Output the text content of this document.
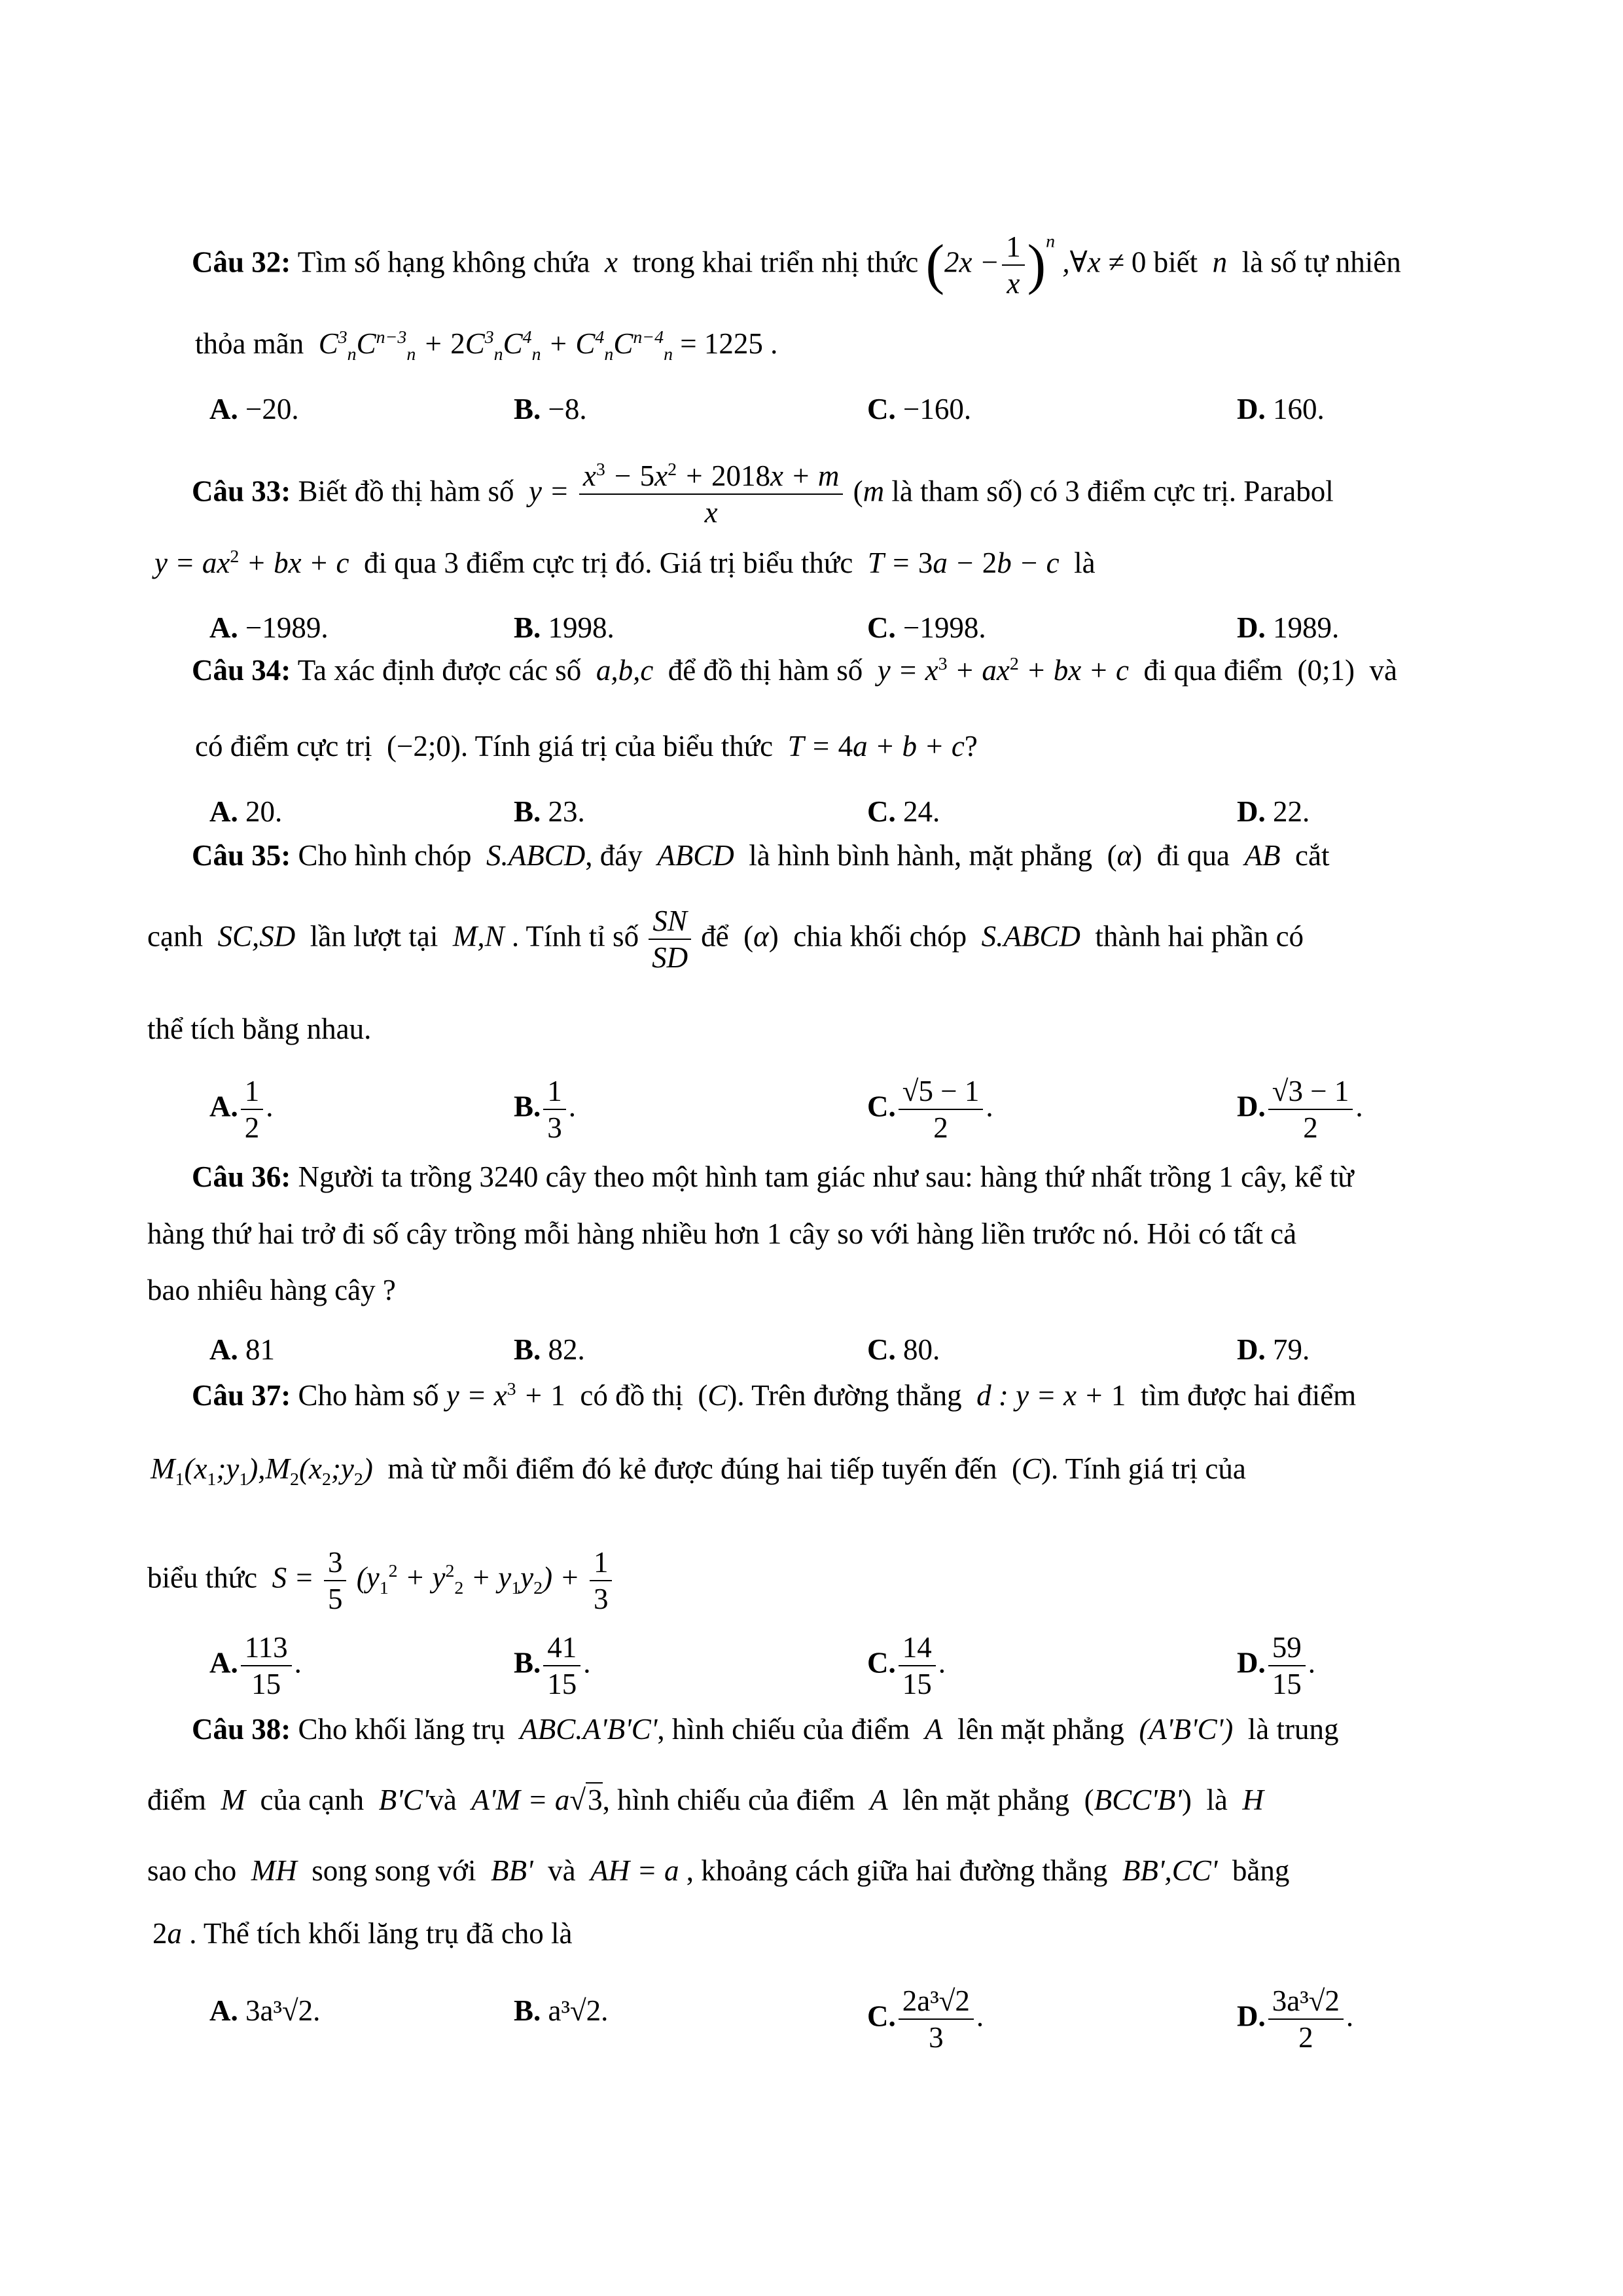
Câu 32: Tìm số hạng không chứa  x  trong khai triển nhị thức $(2x - \frac{1}{x} )^n$ ,∀x ≠ 0 biết  n  là số tự nhiên
thỏa mãn  $C^3_nC^{n-3}_n + 2C^3_nC^4_n + C^4_nC^{n-4}_n = 1225$ .
A. −20.	B. −8.	C. −160.	D. 160.
Câu 33: Biết đồ thị hàm số  $y = \frac{x^3 - 5x^2 + 2018x + m}{x} (m$ là tham số) có 3 điểm cực trị. Parabol
$y = ax^2$ + bx + c  đi qua 3 điểm cực trị đó. Giá trị biểu thức  T = 3a − 2b − c  là
A. −1989.	B. 1998.	C. −1998.	D. 1989.
Câu 34: Ta xác định được các số  a,b,c  để đồ thị hàm số  $y = x^3 + ax^2$ + bx + c  đi qua điểm  (0;1)  và
có điểm cực trị  (−2;0). Tính giá trị của biểu thức  T = 4a + b + c?
A. 20.	B. 23.	C. 24.	D. 22.
Câu 35: Cho hình chóp  S.ABCD, đáy  ABCD  là hình bình hành, mặt phẳng  (α)  đi qua  AB  cắt
cạnh  SC,SD  lần lượt tại  M,N . Tính tỉ số $\frac{SN}{SD}$ để  (α)  chia khối chóp  S.ABCD  thành hai phần có
thể tích bằng nhau.
A. $\frac{1}{2}$ .	B. $\frac{1}{3}$ .	C. $\frac{√5 - 1}{2}$ .	D. $\frac{√3 - 1}{2}$ .
Câu 36: Người ta trồng 3240 cây theo một hình tam giác như sau: hàng thứ nhất trồng 1 cây, kể từ
hàng thứ hai trở đi số cây trồng mỗi hàng nhiều hơn 1 cây so với hàng liền trước nó. Hỏi có tất cả
bao nhiêu hàng cây ?
A. 81	B. 82.	C. 80.	D. 79.
Câu 37: Cho hàm số $y = x^3 + 1$ có đồ thị  (C). Trên đường thẳng  d : y = x + 1 tìm được hai điểm
$M_1(x_1;y_1),M_2(x_2;y_2)$  mà từ mỗi điểm đó kẻ được đúng hai tiếp tuyến đến  (C). Tính giá trị của
biểu thức  $S = \frac{3}{5} (y_1^2 + y^2_2 + y_1y_2) + \frac{1}{3}$
A. $\frac{113}{15}$ .	B. $\frac{41}{15}$ .	C. $\frac{14}{15}$ .	D. $\frac{59}{15}$ .
Câu 38: Cho khối lăng trụ  ABC.A'B'C', hình chiếu của điểm  A  lên mặt phẳng  (A'B'C')  là trung
điểm  M  của cạnh  B'C'và  A'M = a√3, hình chiếu của điểm  A  lên mặt phẳng  (BCC'B')  là  H
sao cho  MH  song song với  BB'  và  AH = a , khoảng cách giữa hai đường thẳng  BB',CC'  bằng
2a . Thể tích khối lăng trụ đã cho là
A. 3a³√2.	B. a³√2.	C. $\frac{\text{2a³√2}}{3}$ .	D. $\frac{\text{3a³√2}}{2}$ .
